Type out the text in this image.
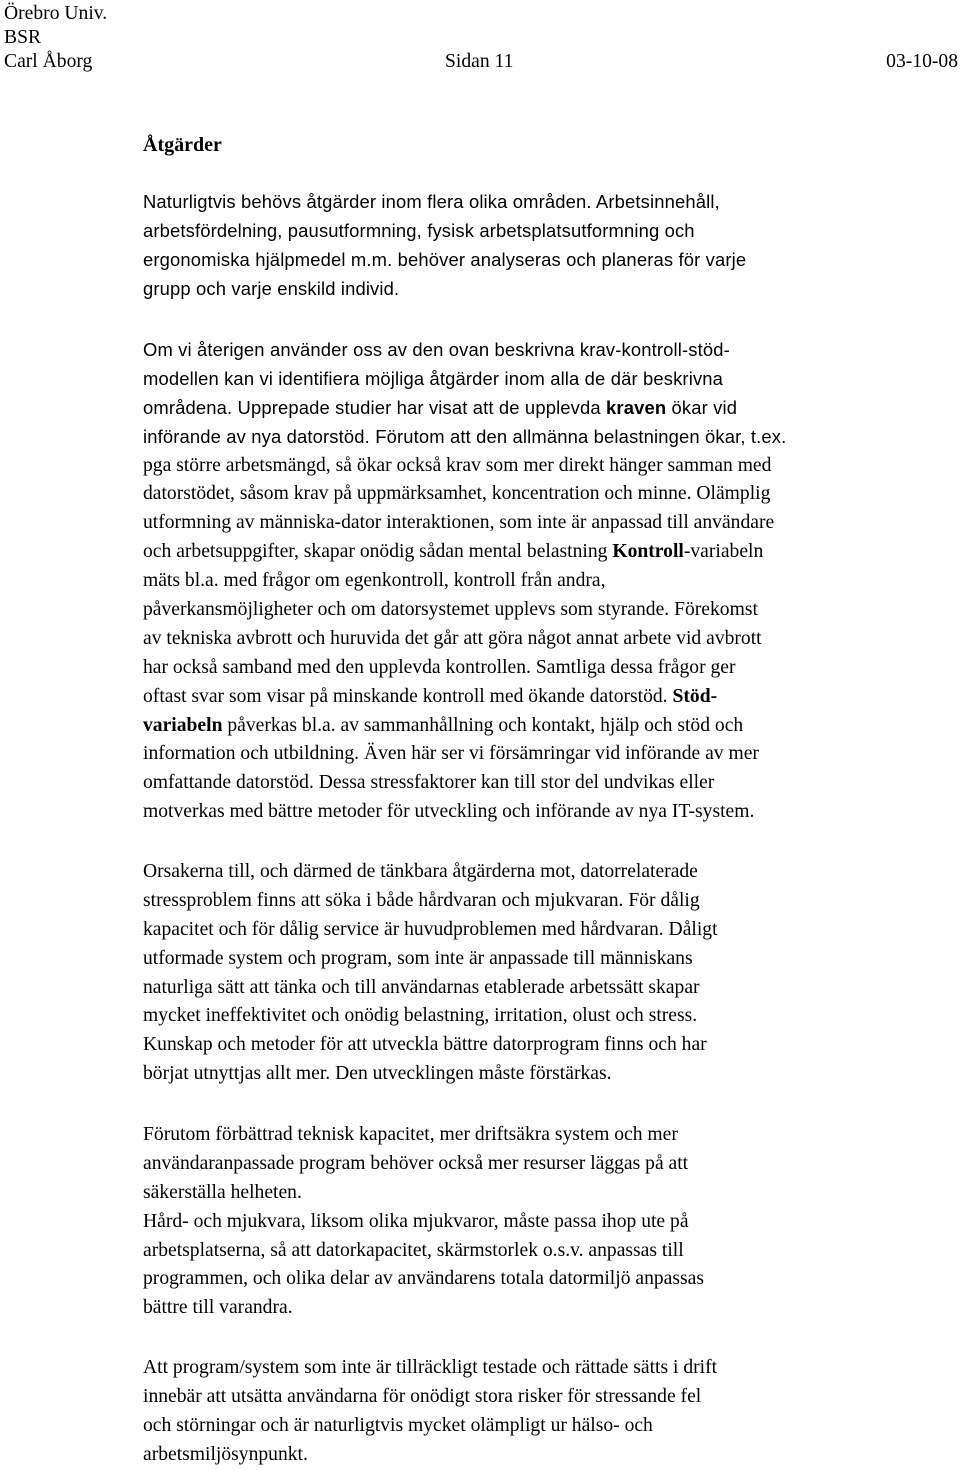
Örebro Univ.
BSR
Carl Åborg	Sidan 11	03-10-08
Åtgärder
Naturligtvis behövs åtgärder inom flera olika områden. Arbetsinnehåll,
arbetsfördelning, pausutformning, fysisk arbetsplatsutformning och
ergonomiska hjälpmedel m.m. behöver analyseras och planeras för varje
grupp och varje enskild individ.
Om vi återigen använder oss av den ovan beskrivna krav-kontroll-stöd-
modellen kan vi identifiera möjliga åtgärder inom alla de där beskrivna
områdena. Upprepade studier har visat att de upplevda kraven ökar vid
införande av nya datorstöd. Förutom att den allmänna belastningen ökar, t.ex.
pga större arbetsmängd, så ökar också krav som mer direkt hänger samman med
datorstödet, såsom krav på uppmärksamhet, koncentration och minne. Olämplig
utformning av människa-dator interaktionen, som inte är anpassad till användare
och arbetsuppgifter, skapar onödig sådan mental belastning Kontroll-variabeln
mäts bl.a. med frågor om egenkontroll, kontroll från andra,
påverkansmöjligheter och om datorsystemet upplevs som styrande. Förekomst
av tekniska avbrott och huruvida det går att göra något annat arbete vid avbrott
har också samband med den upplevda kontrollen. Samtliga dessa frågor ger
oftast svar som visar på minskande kontroll med ökande datorstöd. Stöd-
variabeln påverkas bl.a. av sammanhållning och kontakt, hjälp och stöd och
information och utbildning. Även här ser vi försämringar vid införande av mer
omfattande datorstöd. Dessa stressfaktorer kan till stor del undvikas eller
motverkas med bättre metoder för utveckling och införande av nya IT-system.
Orsakerna till, och därmed de tänkbara åtgärderna mot, datorrelaterade
stressproblem finns att söka i både hårdvaran och mjukvaran. För dålig
kapacitet och för dålig service är huvudproblemen med hårdvaran. Dåligt
utformade system och program, som inte är anpassade till människans
naturliga sätt att tänka och till användarnas etablerade arbetssätt skapar
mycket ineffektivitet och onödig belastning, irritation, olust och stress.
Kunskap och metoder för att utveckla bättre datorprogram finns och har
börjat utnyttjas allt mer. Den utvecklingen måste förstärkas.
Förutom förbättrad teknisk kapacitet, mer driftsäkra system och mer
användaranpassade program behöver också mer resurser läggas på att
säkerställa helheten.
Hård- och mjukvara, liksom olika mjukvaror, måste passa ihop ute på
arbetsplatserna, så att datorkapacitet, skärmstorlek o.s.v. anpassas till
programmen, och olika delar av användarens totala datormiljö anpassas
bättre till varandra.
Att program/system som inte är tillräckligt testade och rättade sätts i drift
innebär att utsätta användarna för onödigt stora risker för stressande fel
och störningar och är naturligtvis mycket olämpligt ur hälso- och
arbetsmiljösynpunkt.
